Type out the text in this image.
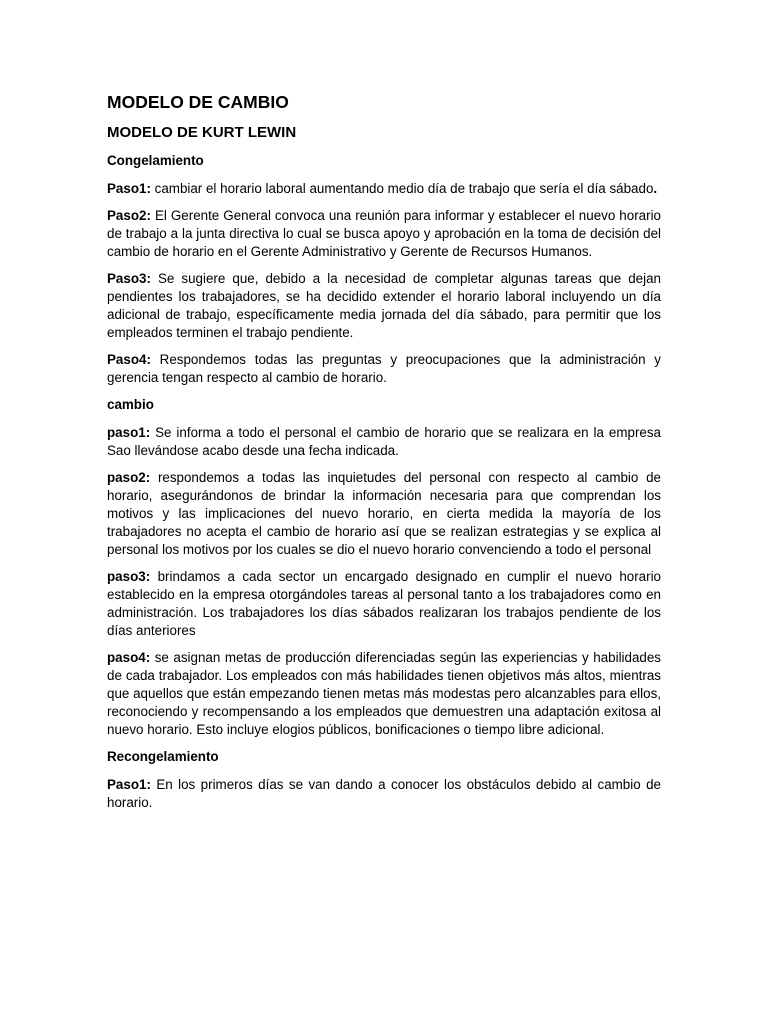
MODELO DE CAMBIO
MODELO DE KURT LEWIN
Congelamiento

Paso1: cambiar el horario laboral aumentando medio día de trabajo que sería el día sábado.

Paso2: El Gerente General convoca una reunión para informar y establecer el nuevo horario de trabajo a la junta directiva lo cual se busca apoyo y aprobación en la toma de decisión del cambio de horario en el Gerente Administrativo y Gerente de Recursos Humanos.

Paso3: Se sugiere que, debido a la necesidad de completar algunas tareas que dejan pendientes los trabajadores, se ha decidido extender el horario laboral incluyendo un día adicional de trabajo, específicamente media jornada del día sábado, para permitir que los empleados terminen el trabajo pendiente.

Paso4: Respondemos todas las preguntas y preocupaciones que la administración y gerencia tengan respecto al cambio de horario.

cambio

paso1: Se informa a todo el personal el cambio de horario que se realizara en la empresa Sao llevándose acabo desde una fecha indicada.

paso2: respondemos a todas las inquietudes del personal con respecto al cambio de horario, asegurándonos de brindar la información necesaria para que comprendan los motivos y las implicaciones del nuevo horario, en cierta medida la mayoría de los trabajadores no acepta el cambio de horario así que se realizan estrategias y se explica al personal los motivos por los cuales se dio el nuevo horario convenciendo a todo el personal

paso3: brindamos a cada sector un encargado designado en cumplir el nuevo horario establecido en la empresa otorgándoles tareas al personal tanto a los trabajadores como en administración. Los trabajadores los días sábados realizaran los trabajos pendiente de los días anteriores

paso4: se asignan metas de producción diferenciadas según las experiencias y habilidades de cada trabajador. Los empleados con más habilidades tienen objetivos más altos, mientras que aquellos que están empezando tienen metas más modestas pero alcanzables para ellos, reconociendo y recompensando a los empleados que demuestren una adaptación exitosa al nuevo horario. Esto incluye elogios públicos, bonificaciones o tiempo libre adicional.

Recongelamiento

Paso1: En los primeros días se van dando a conocer los obstáculos debido al cambio de horario.
